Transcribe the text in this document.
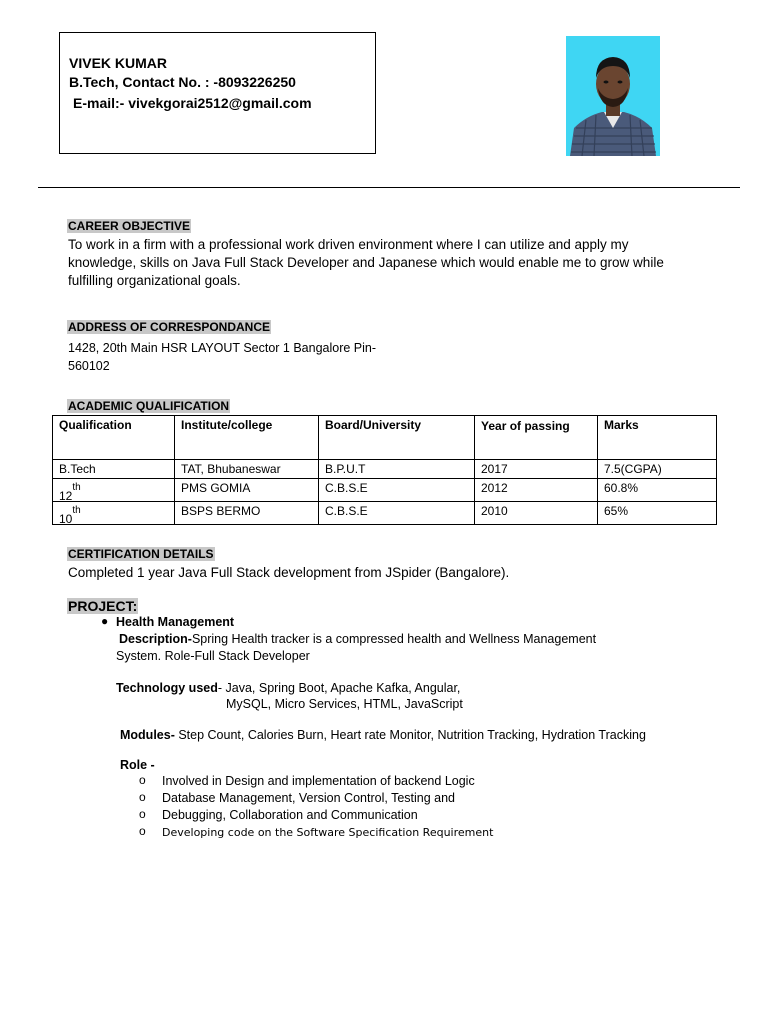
VIVEK KUMAR
B.Tech, Contact No. : -8093226250
E-mail:- vivekgorai2512@gmail.com
CAREER OBJECTIVE
To work in a firm with a professional work driven environment where I can utilize and apply my
knowledge, skills on Java Full Stack Developer and Japanese which would enable me to grow while
fulfilling organizational goals.
ADDRESS OF CORRESPONDANCE
1428, 20th Main HSR LAYOUT Sector 1 Bangalore Pin-
560102
ACADEMIC QUALIFICATION
Qualification	Institute/college	Board/University	Year of passing	Marks
B.Tech	TAT, Bhubaneswar	B.P.U.T	2017	7.5(CGPA)
12th	PMS GOMIA	C.B.S.E	2012	60.8%
10th	BSPS BERMO	C.B.S.E	2010	65%
CERTIFICATION DETAILS
Completed 1 year Java Full Stack development from JSpider (Bangalore).
PROJECT:
● Health Management
Description-Spring Health tracker is a compressed health and Wellness Management
System. Role-Full Stack Developer
Technology used- Java, Spring Boot, Apache Kafka, Angular,
MySQL, Micro Services, HTML, JavaScript
Modules- Step Count, Calories Burn, Heart rate Monitor, Nutrition Tracking, Hydration Tracking
Role -
o Involved in Design and implementation of backend Logic
o Database Management, Version Control, Testing and
o Debugging, Collaboration and Communication
o Developing code on the Software Specification Requirement
